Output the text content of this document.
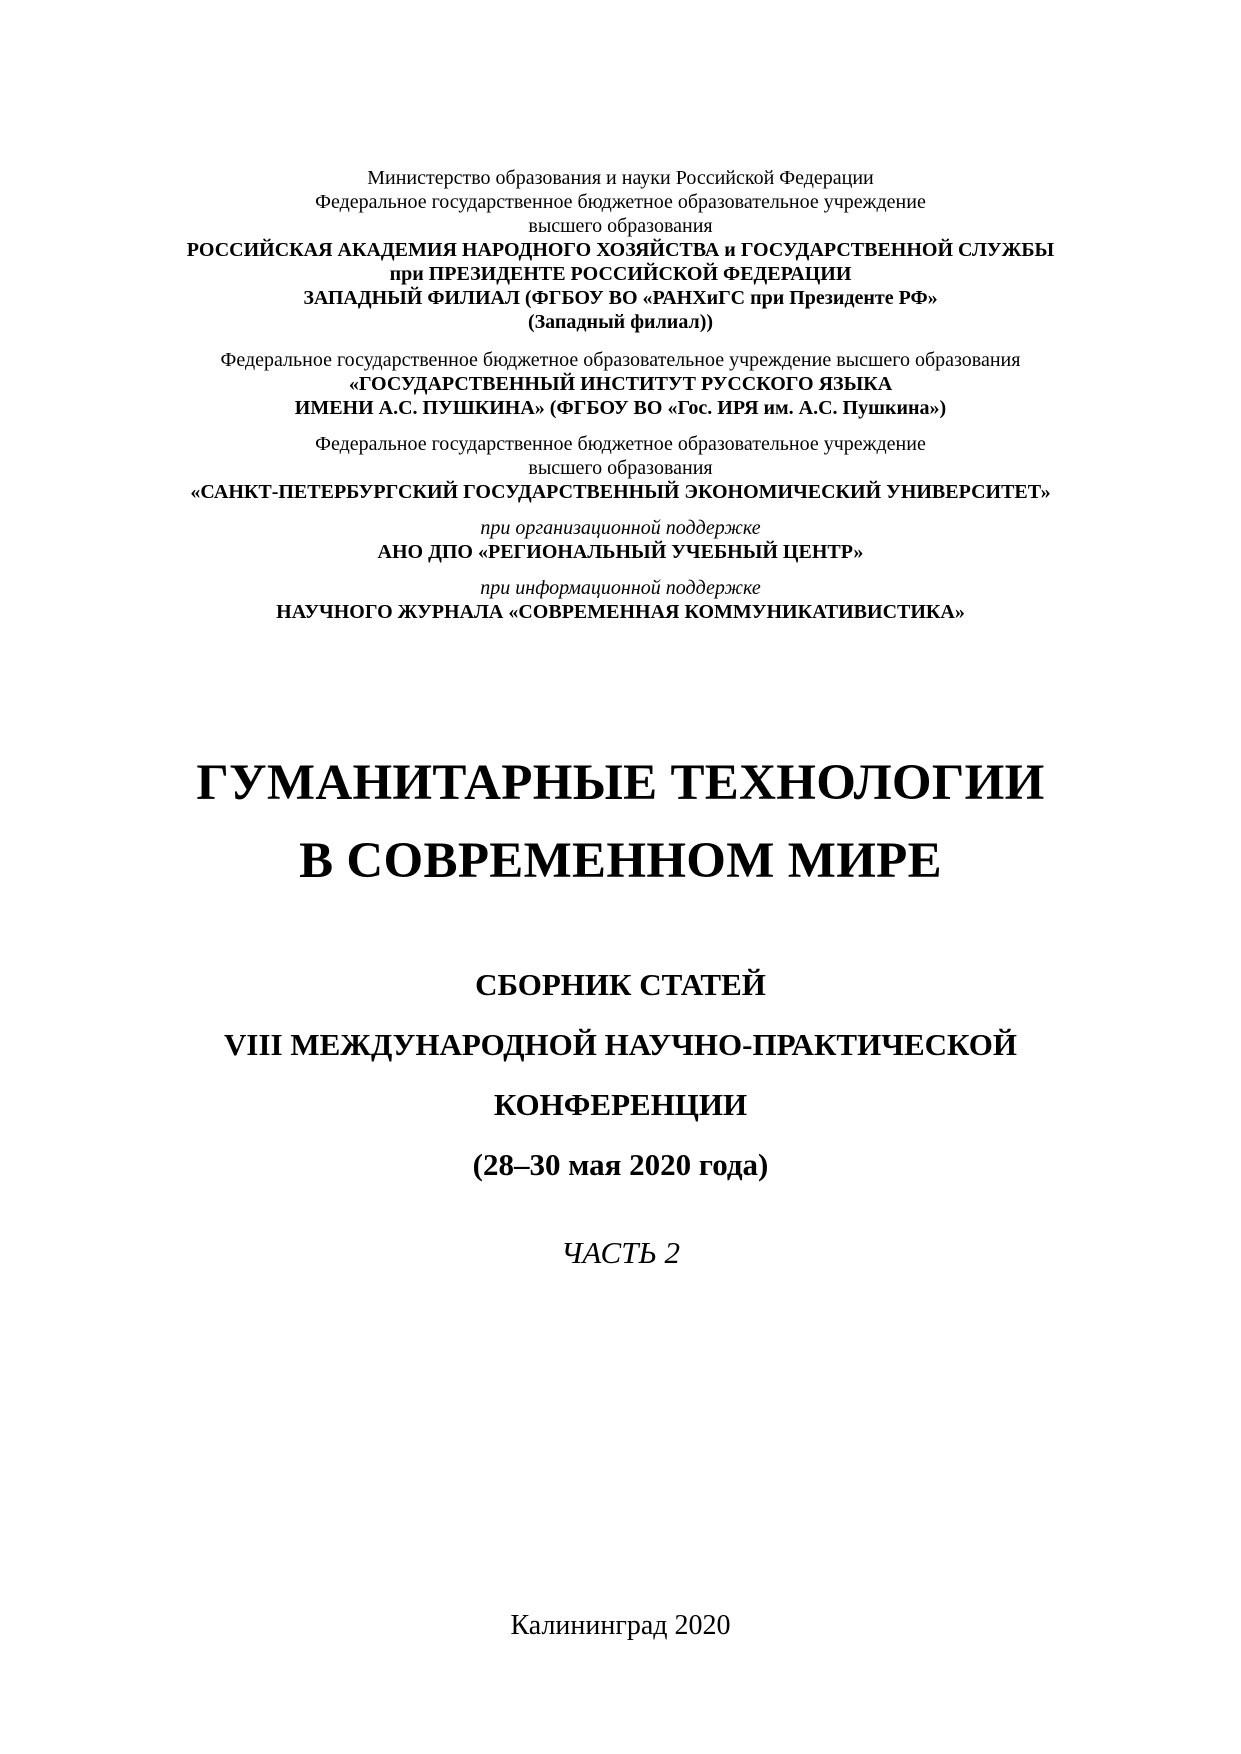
Министерство образования и науки Российской Федерации
Федеральное государственное бюджетное образовательное учреждение
высшего образования
РОССИЙСКАЯ АКАДЕМИЯ НАРОДНОГО ХОЗЯЙСТВА и ГОСУДАРСТВЕННОЙ СЛУЖБЫ
при ПРЕЗИДЕНТЕ РОССИЙСКОЙ ФЕДЕРАЦИИ
ЗАПАДНЫЙ ФИЛИАЛ (ФГБОУ ВО «РАНХиГС при Президенте РФ»
(Западный филиал))
Федеральное государственное бюджетное образовательное учреждение высшего образования
«ГОСУДАРСТВЕННЫЙ ИНСТИТУТ РУССКОГО ЯЗЫКА
ИМЕНИ А.С. ПУШКИНА» (ФГБОУ ВО «Гос. ИРЯ им. А.С. Пушкина»)
Федеральное государственное бюджетное образовательное учреждение
высшего образования
«САНКТ-ПЕТЕРБУРГСКИЙ ГОСУДАРСТВЕННЫЙ ЭКОНОМИЧЕСКИЙ УНИВЕРСИТЕТ»
при организационной поддержке
АНО ДПО «РЕГИОНАЛЬНЫЙ УЧЕБНЫЙ ЦЕНТР»
при информационной поддержке
НАУЧНОГО ЖУРНАЛА «СОВРЕМЕННАЯ КОММУНИКАТИВИСТИКА»
ГУМАНИТАРНЫЕ ТЕХНОЛОГИИ
В СОВРЕМЕННОМ МИРЕ
СБОРНИК СТАТЕЙ
VIII МЕЖДУНАРОДНОЙ НАУЧНО-ПРАКТИЧЕСКОЙ
КОНФЕРЕНЦИИ
(28–30 мая 2020 года)
ЧАСТЬ 2
Калининград 2020
